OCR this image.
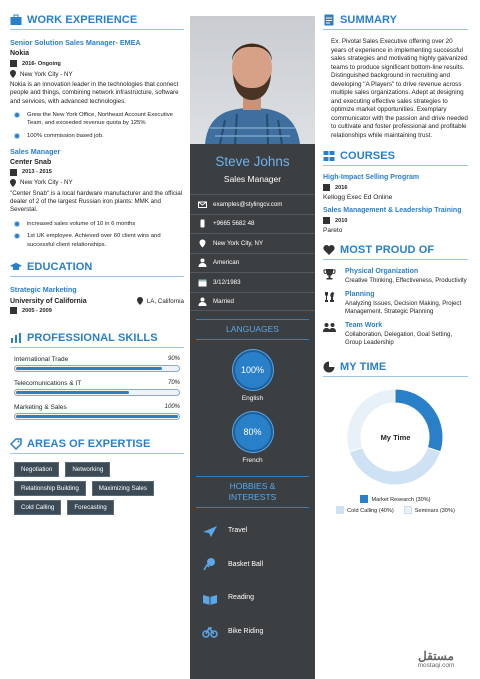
WORK EXPERIENCE
Senior Solution Sales Manager- EMEA
Nokia
2016- Ongoing
New York City - NY
Nokia is an innovation leader in the technologies that connect people and things, combining network infrastructure, software and services, with advanced technologies.
Grew the New York Office, Northeast Account Executive Team, and exceeded revenue quota by 125%
100% commission based job.
Sales Manager
Center Snab
2013 - 2015
New York City - NY
"Center Snab" is a local hardware manufacturer and the official dealer of 2 of the largest Russian iron plants: MMK and Severstal.
increased sales volume of 10 in 6 months
1st UK employee. Achieved over 60 client wins and successful client relationships.
EDUCATION
Strategic Marketing
University of California	LA, California
2005 - 2009
PROFESSIONAL SKILLS
International Trade	90%
Telecomunications & IT	70%
Marketing & Sales	100%
AREAS OF EXPERTISE
Negotiation	Networking
Relationship Building	Maximizing Sales
Cold Calling	Forecasting
Steve Johns
Sales Manager
examples@stylingcv.com
+9665 5682 48
New York City, NY
American
3/12/1983
Married
LANGUAGES
100%
English
80%
French
HOBBIES &
INTERESTS
Travel
Basket Ball
Reading
Bike Riding
SUMMARY
Ex. Pivotal Sales Executive offering over 20 years of experience in implementing successful sales strategies and motivating highly galvanized teams to produce significant bottom-line results. Distinguished background in recruiting and developing "A Players" to drive revenue across multiple sales organizations. Adept at designing and executing effective sales strategies to optimize market opportunities. Exemplary communicator with the passion and drive needed to cultivate and foster professional and profitable relationships while maintaining trust.
COURSES
High-Impact Selling Program
2016
Kellogg Exec Ed Online
Sales Management & Leadership Training
2010
Pareto
MOST PROUD OF
Physical Organization
Creative Thinking, Effectiveness, Productivity
Planning
Analyzing Issues, Decision Making, Project Management, Strategic Planning
Team Work
Collaboration, Delegation, Goal Setting, Group Leadership
MY TIME
My Time
Market Research (30%)
Cold Calling (40%)	Seminars (30%)
مستقل
mostaqi.com
